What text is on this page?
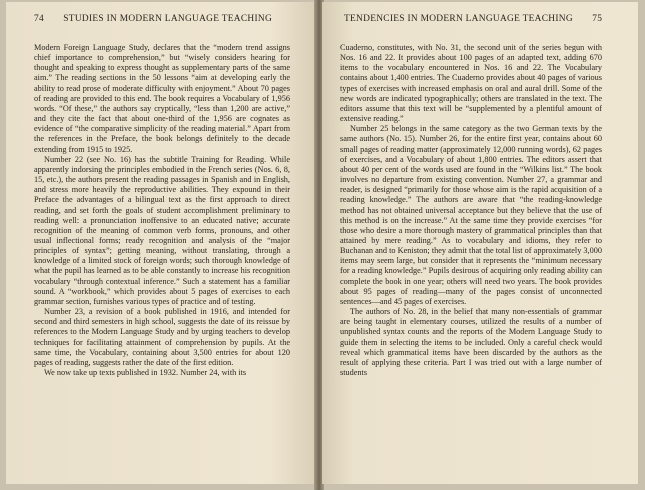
74 STUDIES IN MODERN LANGUAGE TEACHING

Modern Foreign Language Study, declares that the “modern trend assigns chief importance to comprehension,” but “wisely considers hearing for thought and speaking to express thought as supplementary parts of the same aim.” The reading sections in the 50 lessons “aim at developing early the ability to read prose of moderate difficulty with enjoyment.” About 70 pages of reading are provided to this end. The book requires a Vocabulary of 1,956 words. “Of these,” the authors say cryptically, “less than 1,200 are active,” and they cite the fact that about one-third of the 1,956 are cognates as evidence of “the comparative simplicity of the reading material.” Apart from the references in the Preface, the book belongs definitely to the decade extending from 1915 to 1925.

Number 22 (see No. 16) has the subtitle Training for Reading. While apparently indorsing the principles embodied in the French series (Nos. 6, 8, 15, etc.), the authors present the reading passages in Spanish and in English, and stress more heavily the reproductive abilities. They expound in their Preface the advantages of a bilingual text as the first approach to direct reading, and set forth the goals of student accomplishment preliminary to reading well: a pronunciation inoffensive to an educated native; accurate recognition of the meaning of common verb forms, pronouns, and other usual inflectional forms; ready recognition and analysis of the “major principles of syntax”; getting meaning, without translating, through a knowledge of a limited stock of foreign words; such thorough knowledge of what the pupil has learned as to be able constantly to increase his recognition vocabulary “through contextual inference.” Such a statement has a familiar sound. A “workbook,” which provides about 5 pages of exercises to each grammar section, furnishes various types of practice and of testing.

Number 23, a revision of a book published in 1916, and intended for second and third semesters in high school, suggests the date of its reissue by references to the Modern Language Study and by urging teachers to develop techniques for facilitating attainment of comprehension by pupils. At the same time, the Vocabulary, containing about 3,500 entries for about 120 pages of reading, suggests rather the date of the first edition.

We now take up texts published in 1932. Number 24, with its

TENDENCIES IN MODERN LANGUAGE TEACHING 75

Cuaderno, constitutes, with No. 31, the second unit of the series begun with Nos. 16 and 22. It provides about 100 pages of an adapted text, adding 670 items to the vocabulary encountered in Nos. 16 and 22. The Vocabulary contains about 1,400 entries. The Cuaderno provides about 40 pages of various types of exercises with increased emphasis on oral and aural drill. Some of the new words are indicated typographically; others are translated in the text. The editors assume that this text will be “supplemented by a plentiful amount of extensive reading.”

Number 25 belongs in the same category as the two German texts by the same authors (No. 15). Number 26, for the entire first year, contains about 60 small pages of reading matter (approximately 12,000 running words), 62 pages of exercises, and a Vocabulary of about 1,800 entries. The editors assert that about 40 per cent of the words used are found in the “Wilkins list.” The book involves no departure from existing convention. Number 27, a grammar and reader, is designed “primarily for those whose aim is the rapid acquisition of a reading knowledge.” The authors are aware that “the reading-knowledge method has not obtained universal acceptance but they believe that the use of this method is on the increase.” At the same time they provide exercises “for those who desire a more thorough mastery of grammatical principles than that attained by mere reading.” As to vocabulary and idioms, they refer to Buchanan and to Keniston; they admit that the total list of approximately 3,000 items may seem large, but consider that it represents the “minimum necessary for a reading knowledge.” Pupils desirous of acquiring only reading ability can complete the book in one year; others will need two years. The book provides about 95 pages of reading—many of the pages consist of unconnected sentences—and 45 pages of exercises.

The authors of No. 28, in the belief that many non-essentials of grammar are being taught in elementary courses, utilized the results of a number of unpublished syntax counts and the reports of the Modern Language Study to guide them in selecting the items to be included. Only a careful check would reveal which grammatical items have been discarded by the authors as the result of applying these criteria. Part I was tried out with a large number of students
